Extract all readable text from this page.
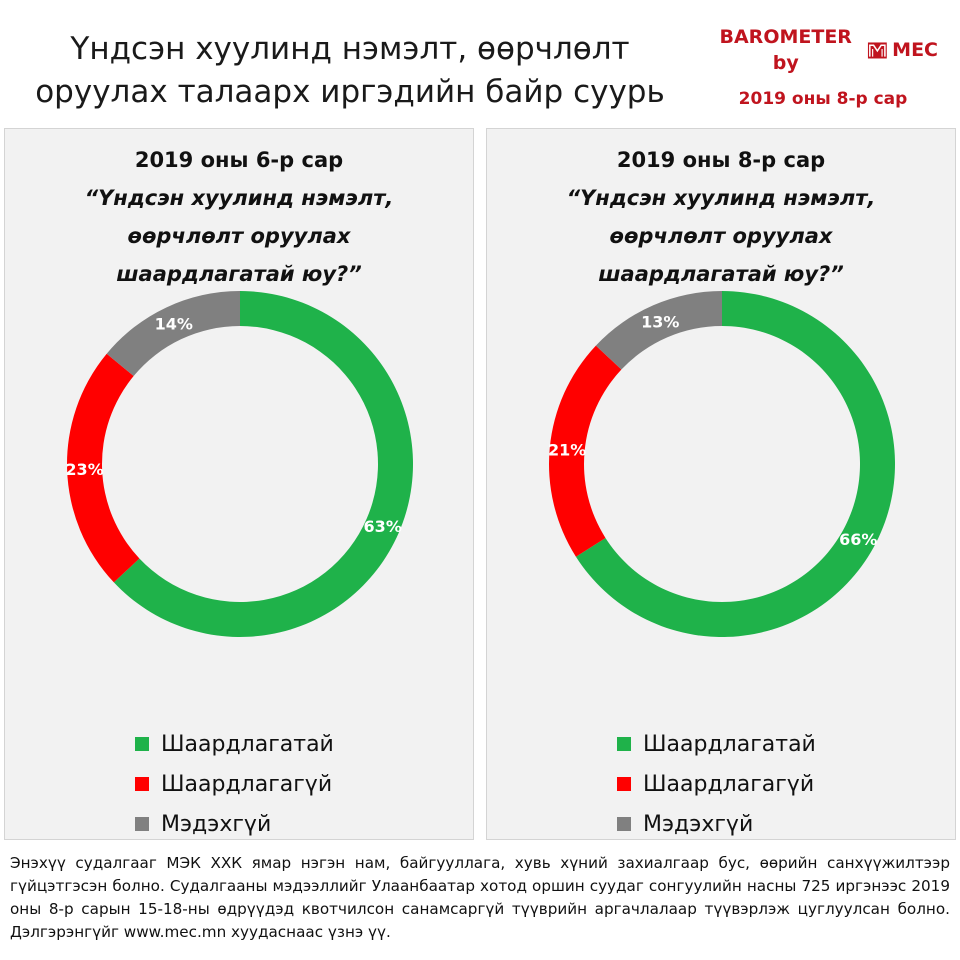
Үндсэн хуулинд нэмэлт, өөрчлөлт
оруулах талаарх иргэдийн байр суурь
BAROMETER by
MEC
2019 оны 8-р сар
2019 оны 6-р сар
“Үндсэн хуулинд нэмэлт,
өөрчлөлт оруулах
шаардлагатай юу?”
63%
23%
14%
Шаардлагатай
Шаардлагагүй
Мэдэхгүй
2019 оны 8-р сар
“Үндсэн хуулинд нэмэлт,
өөрчлөлт оруулах
шаардлагатай юу?”
66%
21%
13%
Шаардлагатай
Шаардлагагүй
Мэдэхгүй
Энэхүү судалгааг МЭК ХХК ямар нэгэн нам, байгууллага, хувь хүний захиалгаар бус, өөрийн санхүүжилтээр гүйцэтгэсэн болно. Судалгааны мэдээллийг Улаанбаатар хотод оршин суудаг сонгуулийн насны 725 иргэнээс 2019 оны 8-р сарын 15-18-ны өдрүүдэд квотчилсон санамсаргүй түүврийн аргачлалаар түүвэрлэж цуглуулсан болно. Дэлгэрэнгүйг www.mec.mn хуудаснаас үзнэ үү.
